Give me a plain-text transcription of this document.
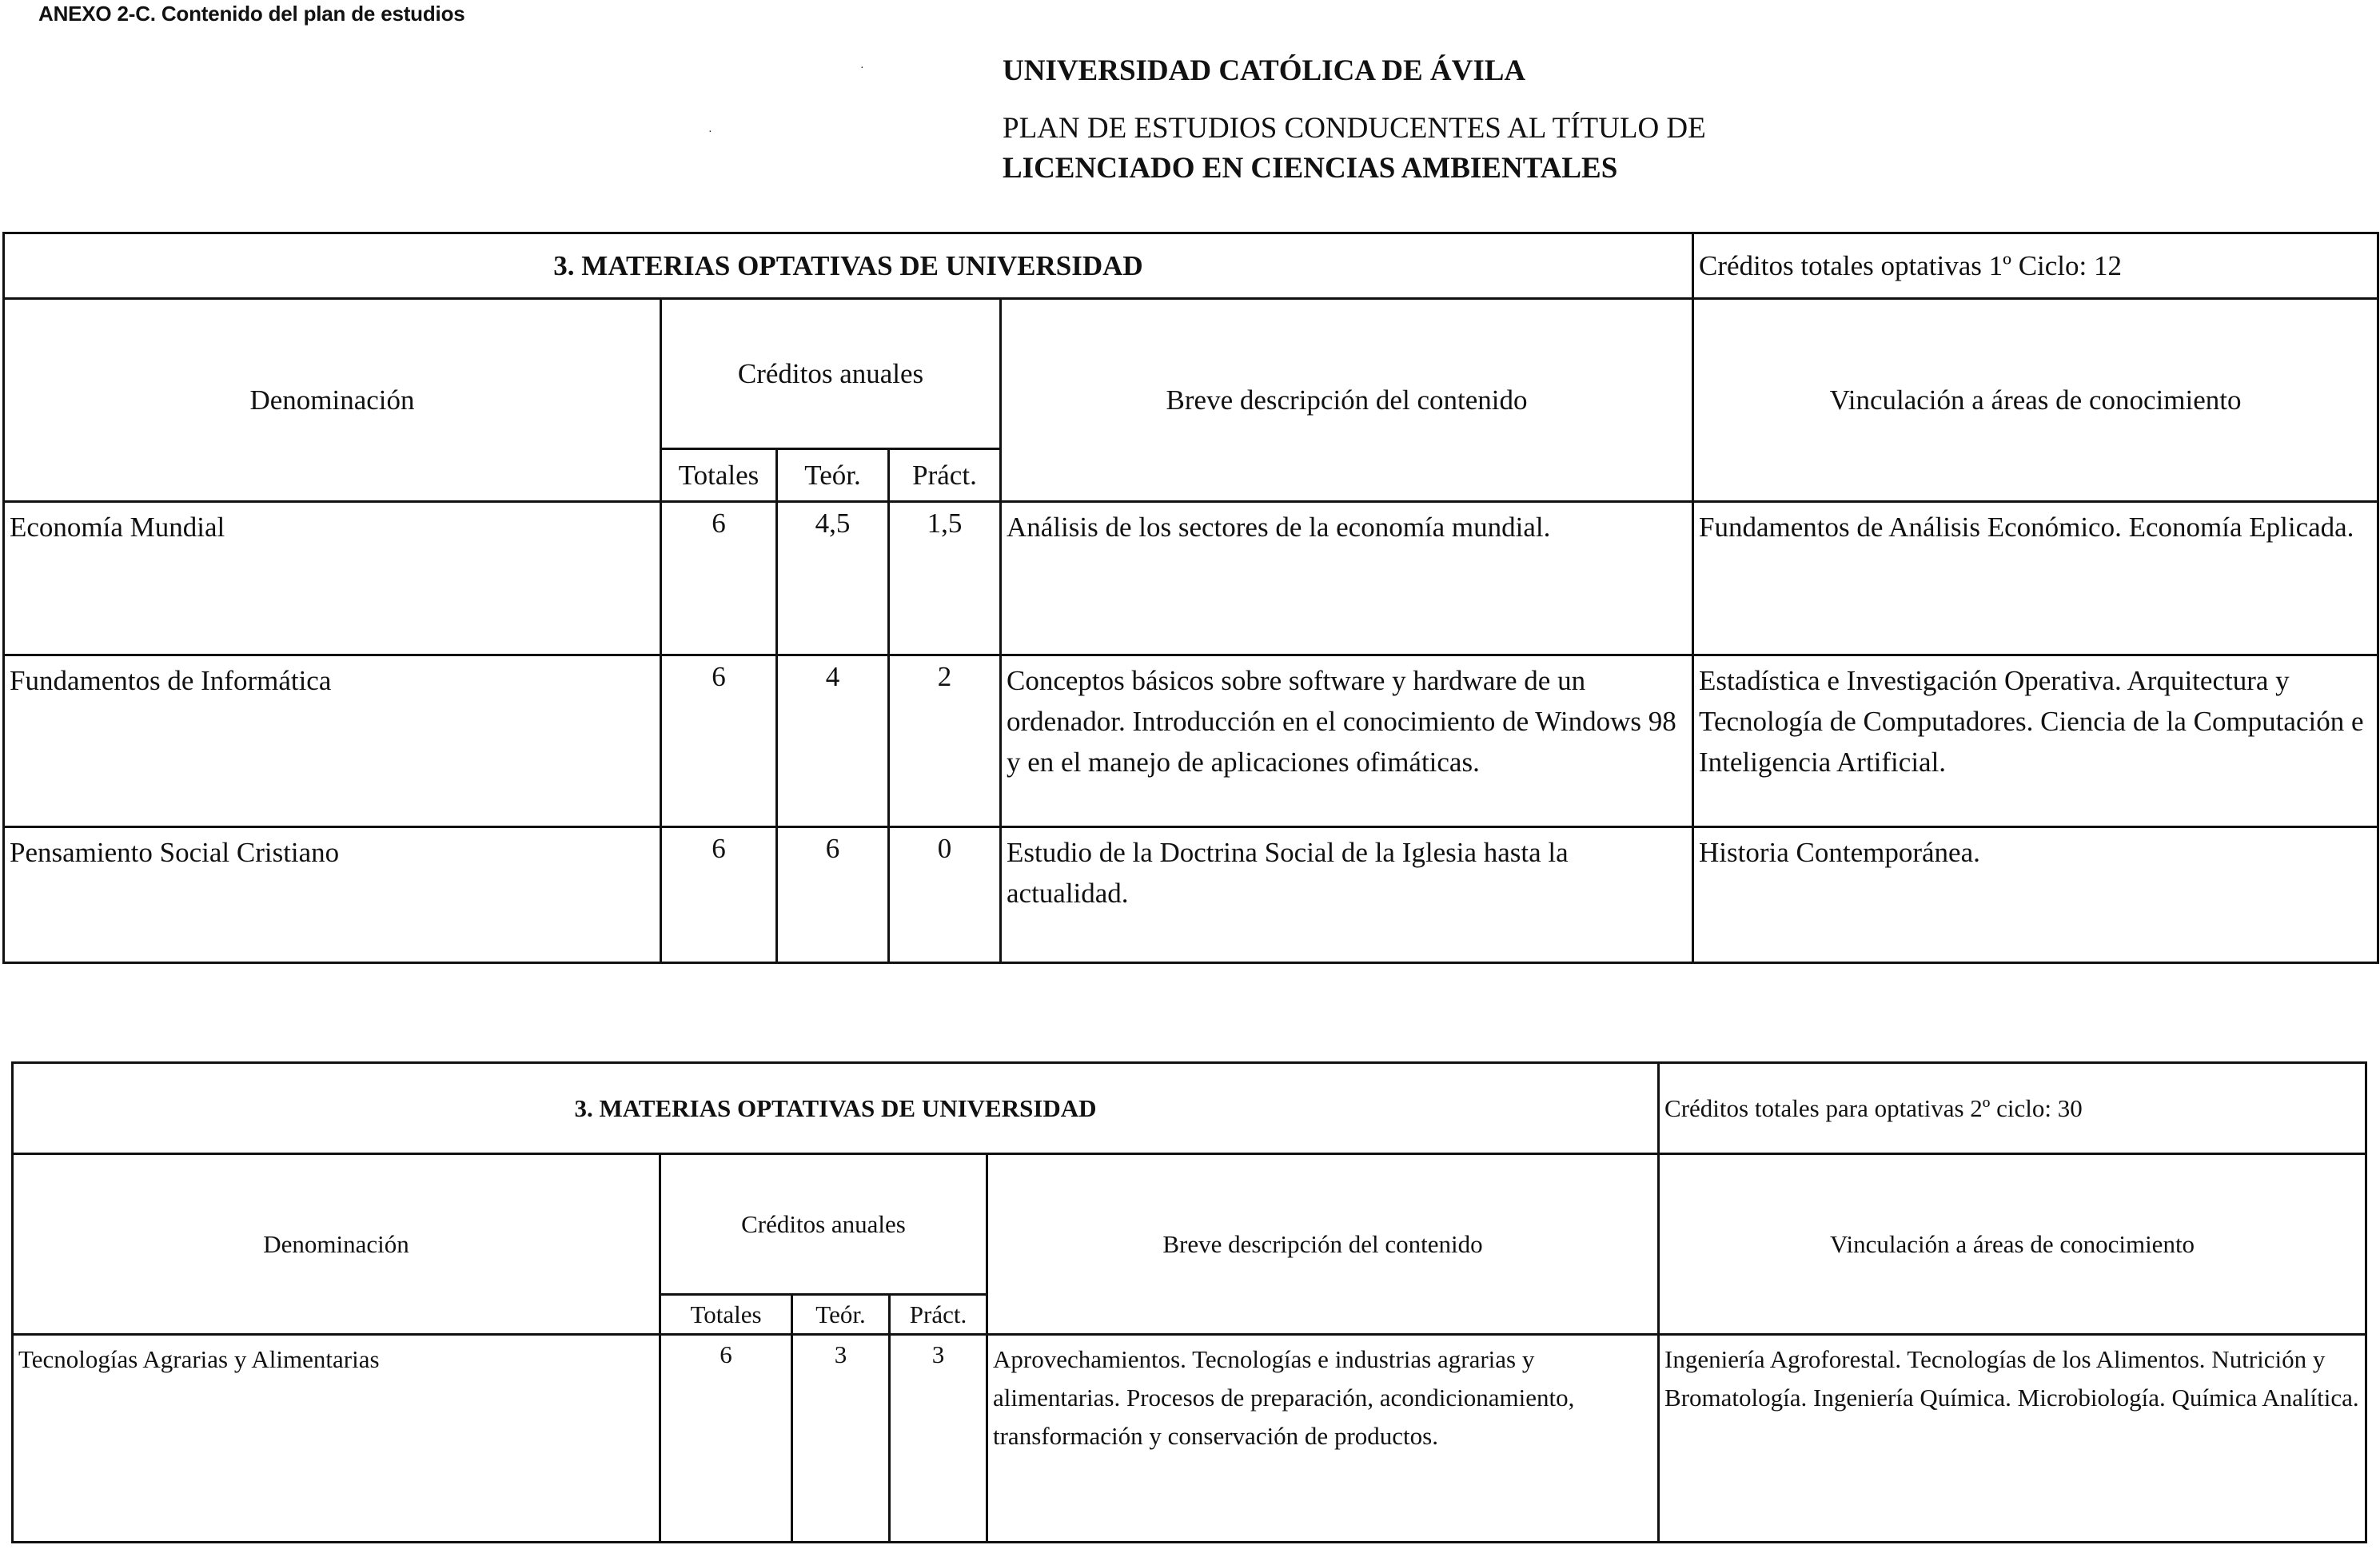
ANEXO 2-C. Contenido del plan de estudios
UNIVERSIDAD CATÓLICA DE ÁVILA
PLAN DE ESTUDIOS CONDUCENTES AL TÍTULO DE
LICENCIADO EN CIENCIAS AMBIENTALES
·
·
3. MATERIAS OPTATIVAS DE UNIVERSIDAD					Créditos totales optativas 1º Ciclo: 12
Denominación	Créditos anuales			Breve descripción del contenido	Vinculación a áreas de conocimiento
	Totales	Teór.	Práct.		
Economía Mundial	6	4,5	1,5	Análisis de los sectores de la economía mundial.	Fundamentos de Análisis Económico. Economía Eplicada.
Fundamentos de Informática	6	4	2	Conceptos básicos sobre software y hardware de un ordenador. Introducción en el conocimiento de Windows 98 y en el manejo de aplicaciones ofimáticas.	Estadística e Investigación Operativa. Arquitectura y Tecnología de Computadores. Ciencia de la Computación e Inteligencia Artificial.
Pensamiento Social Cristiano	6	6	0	Estudio de la Doctrina Social de la Iglesia hasta la actualidad.	Historia Contemporánea.
3. MATERIAS OPTATIVAS DE UNIVERSIDAD					Créditos totales para optativas 2º ciclo: 30
Denominación	Créditos anuales			Breve descripción del contenido	Vinculación a áreas de conocimiento
	Totales	Teór.	Práct.		
Tecnologías Agrarias y Alimentarias	6	3	3	Aprovechamientos. Tecnologías e industrias agrarias y alimentarias. Procesos de preparación, acondicionamiento, transformación y conservación de productos.	Ingeniería Agroforestal. Tecnologías de los Alimentos. Nutrición y Bromatología. Ingeniería Química. Microbiología. Química Analítica.
